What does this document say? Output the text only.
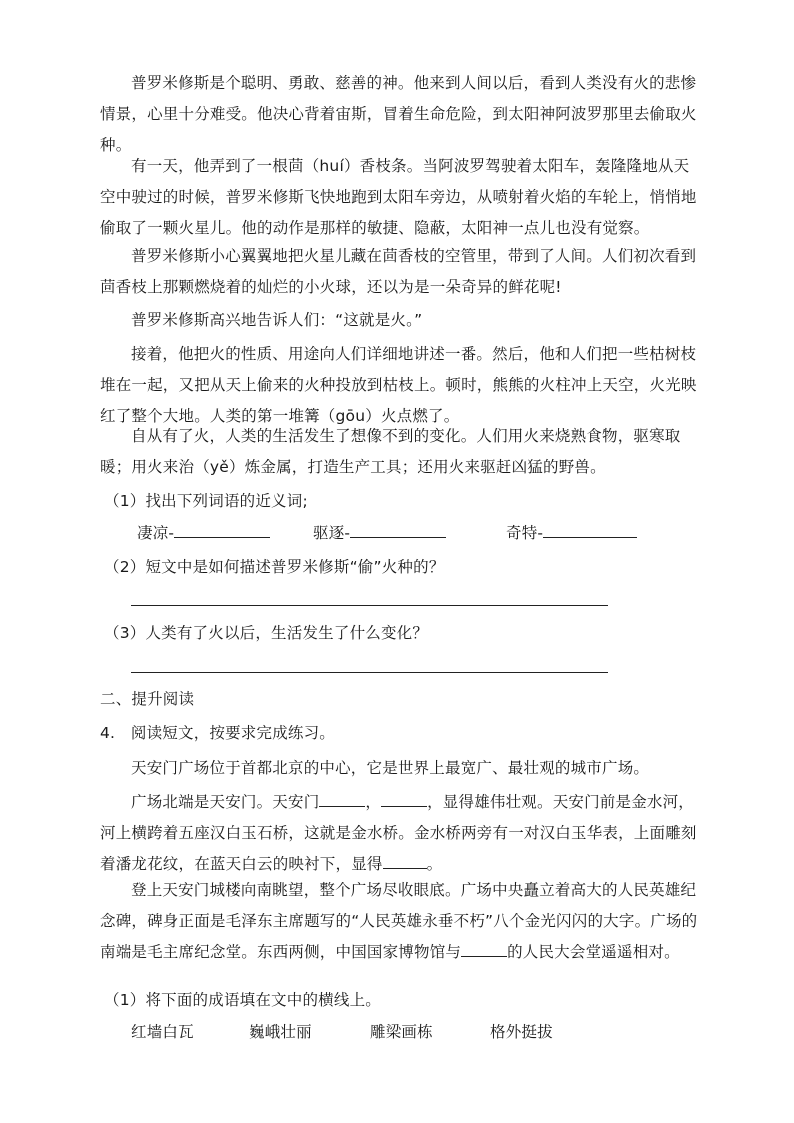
普罗米修斯是个聪明、勇敢、慈善的神。他来到人间以后，看到人类没有火的悲惨情景，心里十分难受。他决心背着宙斯，冒着生命危险，到太阳神阿波罗那里去偷取火种。

有一天，他弄到了一根茴（huí）香枝条。当阿波罗驾驶着太阳车，轰隆隆地从天空中驶过的时候，普罗米修斯飞快地跑到太阳车旁边，从喷射着火焰的车轮上，悄悄地偷取了一颗火星儿。他的动作是那样的敏捷、隐蔽，太阳神一点儿也没有觉察。

普罗米修斯小心翼翼地把火星儿藏在茴香枝的空管里，带到了人间。人们初次看到茴香枝上那颗燃烧着的灿烂的小火球，还以为是一朵奇异的鲜花呢!

普罗米修斯高兴地告诉人们：“这就是火。”

接着，他把火的性质、用途向人们详细地讲述一番。然后，他和人们把一些枯树枝堆在一起，又把从天上偷来的火种投放到枯枝上。顿时，熊熊的火柱冲上天空，火光映红了整个大地。人类的第一堆篝（gōu）火点燃了。

自从有了火，人类的生活发生了想像不到的变化。人们用火来烧熟食物，驱寒取暖；用火来治（yě）炼金属，打造生产工具；还用火来驱赶凶猛的野兽。

（1）找出下列词语的近义词;
凄凉-	驱逐-	奇特-
（2）短文中是如何描述普罗米修斯“偷”火种的？
（3）人类有了火以后，生活发生了什么变化？
二、提升阅读
4.　阅读短文，按要求完成练习。

天安门广场位于首都北京的中心，它是世界上最宽广、最壮观的城市广场。

广场北端是天安门。天安门	，	，显得雄伟壮观。天安门前是金水河，河上横跨着五座汉白玉石桥，这就是金水桥。金水桥两旁有一对汉白玉华表，上面雕刻着潘龙花纹，在蓝天白云的映衬下，显得	。

登上天安门城楼向南眺望，整个广场尽收眼底。广场中央矗立着高大的人民英雄纪念碑，碑身正面是毛泽东主席题写的“人民英雄永垂不朽”八个金光闪闪的大字。广场的南端是毛主席纪念堂。东西两侧，中国国家博物馆与	的人民大会堂遥遥相对。

（1）将下面的成语填在文中的横线上。
红墙白瓦	巍峨壮丽	雕梁画栋	格外挺拔
